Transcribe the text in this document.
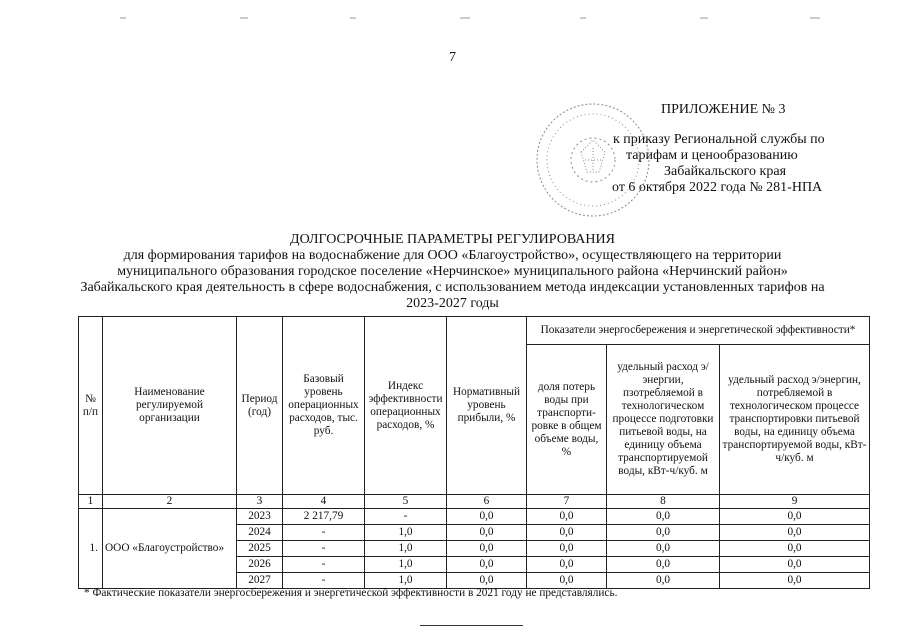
7
ПРИЛОЖЕНИЕ № 3
к приказу Региональной службы по
тарифам и ценообразованию
Забайкальского края
от 6 октября 2022 года № 281-НПА
ДОЛГОСРОЧНЫЕ ПАРАМЕТРЫ РЕГУЛИРОВАНИЯ
для формирования тарифов на водоснабжение для ООО «Благоустройство», осуществляющего на территории
муниципального образования городское поселение «Нерчинское» муниципального района «Нерчинский район»
Забайкальского края деятельность в сфере водоснабжения, с использованием метода индексации установленных тарифов на
2023-2027 годы
№ п/п	Наименование регулируемой организации	Период (год)	Базовый уровень операционных расходов, тыс. руб.	Индекс эффективности операционных расходов, %	Нормативный уровень прибыли, %	Показатели энергосбережения и энергетической эффективности*		
						доля потерь воды при транспорти-ровке в общем объеме воды, %	удельный расход э/энергии, пзотребляемой в технологическом процессе подготовки питьевой воды, на единицу объема транспортируемой воды, кВт-ч/куб. м	удельный расход э/энергин, потребляемой в технологическом процессе транспортировки питьевой воды, на единицу объема транспортируемой воды, кВт-ч/куб. м
1	2	3	4	5	6	7	8	9
1.	ООО «Благоустройство»	2023	2 217,79	-	0,0	0,0	0,0	0,0
		2024	-	1,0	0,0	0,0	0,0	0,0
		2025	-	1,0	0,0	0,0	0,0	0,0
		2026	-	1,0	0,0	0,0	0,0	0,0
		2027	-	1,0	0,0	0,0	0,0	0,0
* Фактические показатели энергосбережения и энергетической эффективности в 2021 году не представлялись.
